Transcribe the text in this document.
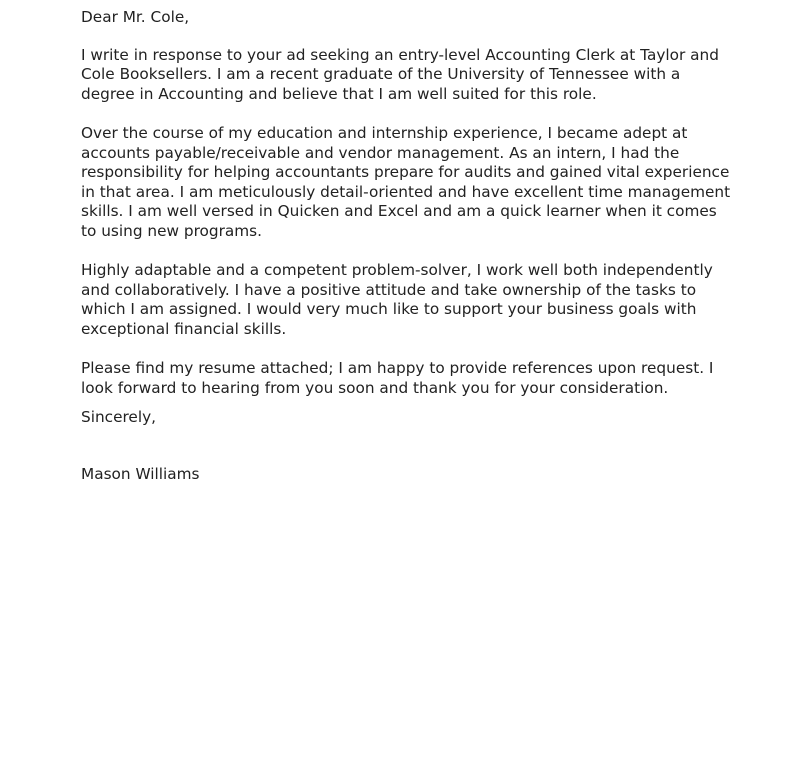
Dear Mr. Cole,

I write in response to your ad seeking an entry-level Accounting Clerk at Taylor and Cole Booksellers. I am a recent graduate of the University of Tennessee with a degree in Accounting and believe that I am well suited for this role.

Over the course of my education and internship experience, I became adept at accounts payable/receivable and vendor management. As an intern, I had the responsibility for helping accountants prepare for audits and gained vital experience in that area. I am meticulously detail-oriented and have excellent time management skills. I am well versed in Quicken and Excel and am a quick learner when it comes to using new programs.

Highly adaptable and a competent problem-solver, I work well both independently and collaboratively. I have a positive attitude and take ownership of the tasks to which I am assigned. I would very much like to support your business goals with exceptional financial skills.

Please find my resume attached; I am happy to provide references upon request. I look forward to hearing from you soon and thank you for your consideration.

Sincerely,

Mason Williams
